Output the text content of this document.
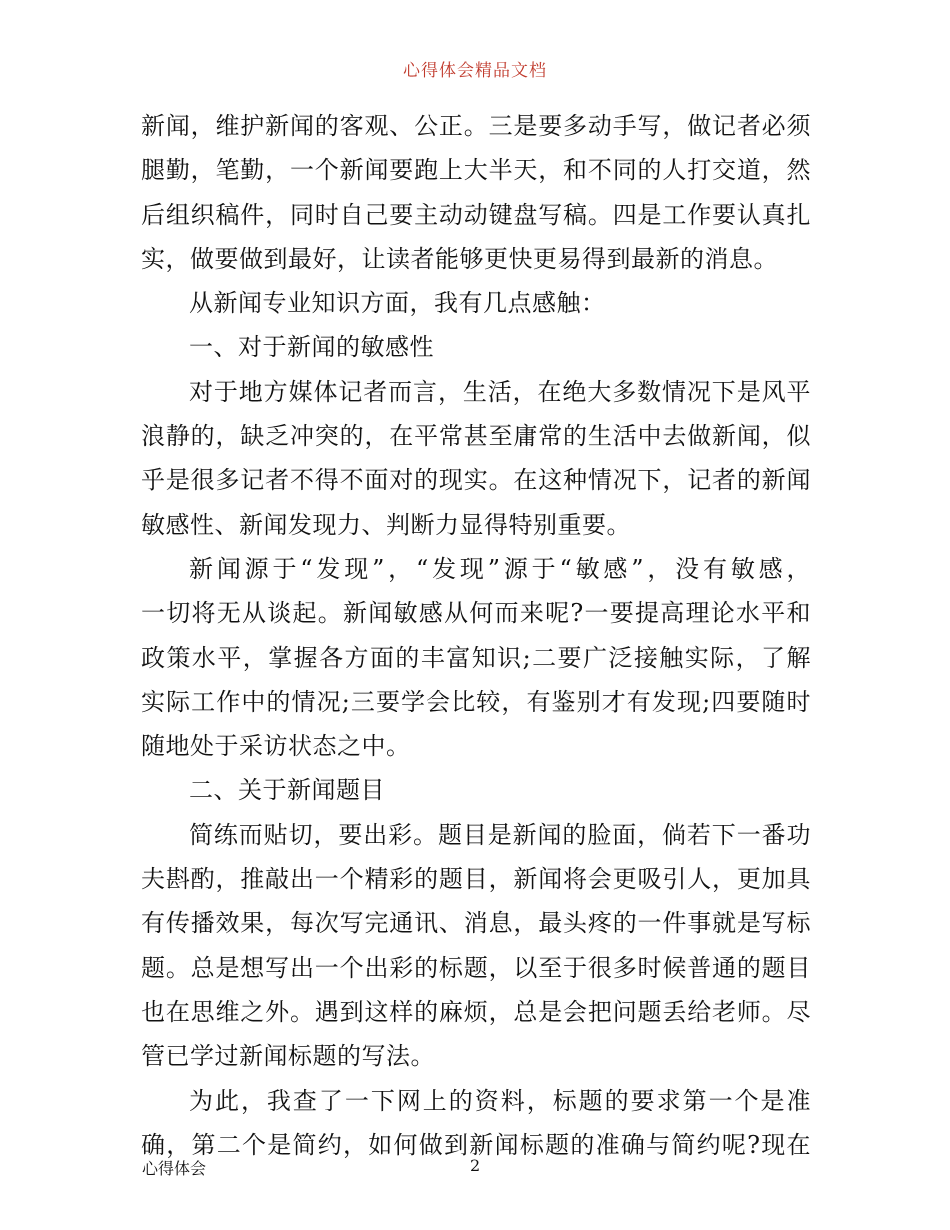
心得体会精品文档
新闻，维护新闻的客观、公正。三是要多动手写，做记者必须
腿勤，笔勤，一个新闻要跑上大半天，和不同的人打交道，然
后组织稿件，同时自己要主动动键盘写稿。四是工作要认真扎
实，做要做到最好，让读者能够更快更易得到最新的消息。
从新闻专业知识方面，我有几点感触：
一、对于新闻的敏感性
对于地方媒体记者而言，生活，在绝大多数情况下是风平
浪静的，缺乏冲突的，在平常甚至庸常的生活中去做新闻，似
乎是很多记者不得不面对的现实。在这种情况下，记者的新闻
敏感性、新闻发现力、判断力显得特别重要。
新闻源于“发现”，“发现”源于“敏感”，没有敏感，
一切将无从谈起。新闻敏感从何而来呢?一要提高理论水平和
政策水平，掌握各方面的丰富知识;二要广泛接触实际，了解
实际工作中的情况;三要学会比较，有鉴别才有发现;四要随时
随地处于采访状态之中。
二、关于新闻题目
简练而贴切，要出彩。题目是新闻的脸面，倘若下一番功
夫斟酌，推敲出一个精彩的题目，新闻将会更吸引人，更加具
有传播效果，每次写完通讯、消息，最头疼的一件事就是写标
题。总是想写出一个出彩的标题，以至于很多时候普通的题目
也在思维之外。遇到这样的麻烦，总是会把问题丢给老师。尽
管已学过新闻标题的写法。
为此，我查了一下网上的资料，标题的要求第一个是准
确，第二个是简约，如何做到新闻标题的准确与简约呢?现在
心得体会	2
